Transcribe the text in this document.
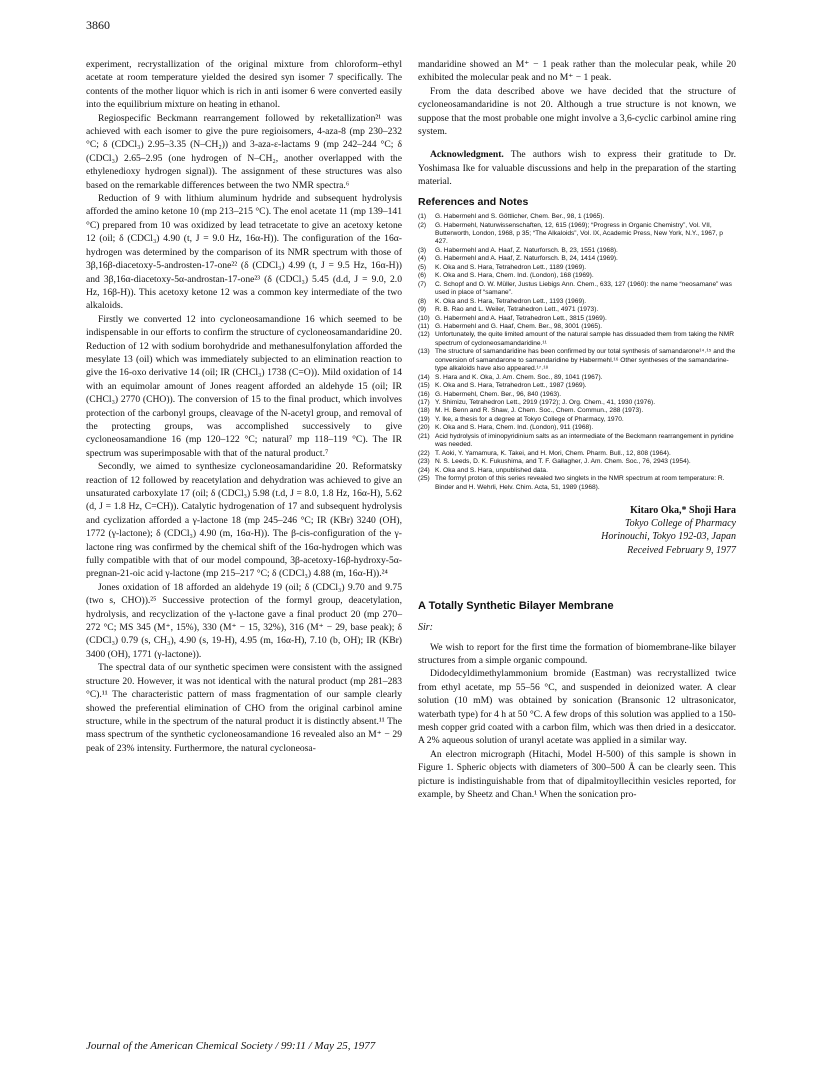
3860

experiment, recrystallization of the original mixture from chloroform–ethyl acetate at room temperature yielded the desired syn isomer 7 specifically. The contents of the mother liquor which is rich in anti isomer 6 were converted easily into the equilibrium mixture on heating in ethanol.

Regiospecific Beckmann rearrangement followed by reketallization²¹ was achieved with each isomer to give the pure regioisomers, 4-aza-8 (mp 230–232 °C; δ (CDCl₃) 2.95–3.35 (N–CH₂)) and 3-aza-ε-lactams 9 (mp 242–244 °C; δ (CDCl₃) 2.65–2.95 (one hydrogen of N–CH₂, another overlapped with the ethylenedioxy hydrogen signal)). The assignment of these structures was also based on the remarkable differences between the two NMR spectra.⁶

Reduction of 9 with lithium aluminum hydride and subsequent hydrolysis afforded the amino ketone 10 (mp 213–215 °C). The enol acetate 11 (mp 139–141 °C) prepared from 10 was oxidized by lead tetracetate to give an acetoxy ketone 12 (oil; δ (CDCl₃) 4.90 (t, J = 9.0 Hz, 16α-H)). The configuration of the 16α-hydrogen was determined by the comparison of its NMR spectrum with those of 3β,16β-diacetoxy-5-androsten-17-one²² (δ (CDCl₃) 4.99 (t, J = 9.5 Hz, 16α-H)) and 3β,16α-diacetoxy-5α-androstan-17-one²³ (δ (CDCl₃) 5.45 (d.d, J = 9.0, 2.0 Hz, 16β-H)). This acetoxy ketone 12 was a common key intermediate of the two alkaloids.

Firstly we converted 12 into cycloneosamandione 16 which seemed to be indispensable in our efforts to confirm the structure of cycloneosamandaridine 20. Reduction of 12 with sodium borohydride and methanesulfonylation afforded the mesylate 13 (oil) which was immediately subjected to an elimination reaction to give the 16-oxo derivative 14 (oil; IR (CHCl₃) 1738 (C=O)). Mild oxidation of 14 with an equimolar amount of Jones reagent afforded an aldehyde 15 (oil; IR (CHCl₃) 2770 (CHO)). The conversion of 15 to the final product, which involves protection of the carbonyl groups, cleavage of the N-acetyl group, and removal of the protecting groups, was accomplished successively to give cycloneosamandione 16 (mp 120–122 °C; natural⁷ mp 118–119 °C). The IR spectrum was superimposable with that of the natural product.⁷

Secondly, we aimed to synthesize cycloneosamandaridine 20. Reformatsky reaction of 12 followed by reacetylation and dehydration was achieved to give an unsaturated carboxylate 17 (oil; δ (CDCl₃) 5.98 (t.d, J = 8.0, 1.8 Hz, 16α-H), 5.62 (d, J = 1.8 Hz, C=CH)). Catalytic hydrogenation of 17 and subsequent hydrolysis and cyclization afforded a γ-lactone 18 (mp 245–246 °C; IR (KBr) 3240 (OH), 1772 (γ-lactone); δ (CDCl₃) 4.90 (m, 16α-H)). The β-cis-configuration of the γ-lactone ring was confirmed by the chemical shift of the 16α-hydrogen which was fully compatible with that of our model compound, 3β-acetoxy-16β-hydroxy-5α-pregnan-21-oic acid γ-lactone (mp 215–217 °C; δ (CDCl₃) 4.88 (m, 16α-H)).²⁴

Jones oxidation of 18 afforded an aldehyde 19 (oil; δ (CDCl₃) 9.70 and 9.75 (two s, CHO)).²⁵ Successive protection of the formyl group, deacetylation, hydrolysis, and recyclization of the γ-lactone gave a final product 20 (mp 270–272 °C; MS 345 (M⁺, 15%), 330 (M⁺ − 15, 32%), 316 (M⁺ − 29, base peak); δ (CDCl₃) 0.79 (s, CH₃), 4.90 (s, 19-H), 4.95 (m, 16α-H), 7.10 (b, OH); IR (KBr) 3400 (OH), 1771 (γ-lactone)).

The spectral data of our synthetic specimen were consistent with the assigned structure 20. However, it was not identical with the natural product (mp 281–283 °C).¹¹ The characteristic pattern of mass fragmentation of our sample clearly showed the preferential elimination of CHO from the original carbinol amine structure, while in the spectrum of the natural product it is distinctly absent.¹¹ The mass spectrum of the synthetic cycloneosamandione 16 revealed also an M⁺ − 29 peak of 23% intensity. Furthermore, the natural cycloneosa-

mandaridine showed an M⁺ − 1 peak rather than the molecular peak, while 20 exhibited the molecular peak and no M⁺ − 1 peak.

From the data described above we have decided that the structure of cycloneosamandaridine is not 20. Although a true structure is not known, we suppose that the most probable one might involve a 3,6-cyclic carbinol amine ring system.

Acknowledgment. The authors wish to express their gratitude to Dr. Yoshimasa Ike for valuable discussions and help in the preparation of the starting material.

References and Notes
(1) G. Habermehl and S. Göttlicher, Chem. Ber., 98, 1 (1965).
(2) G. Habermehl, Naturwissenschaften, 12, 615 (1969); “Progress in Organic Chemistry”, Vol. VII, Butterworth, London, 1968, p 35; “The Alkaloids”, Vol. IX, Academic Press, New York, N.Y., 1967, p 427.
(3) G. Habermehl and A. Haaf, Z. Naturforsch. B, 23, 1551 (1968).
(4) G. Habermehl and A. Haaf, Z. Naturforsch. B, 24, 1414 (1969).
(5) K. Oka and S. Hara, Tetrahedron Lett., 1189 (1969).
(6) K. Oka and S. Hara, Chem. Ind. (London), 168 (1969).
(7) C. Schopf and O. W. Müller, Justus Liebigs Ann. Chem., 633, 127 (1960): the name “neosamane” was used in place of “samane”.
(8) K. Oka and S. Hara, Tetrahedron Lett., 1193 (1969).
(9) R. B. Rao and L. Weiler, Tetrahedron Lett., 4971 (1973).
(10) G. Habermehl and A. Haaf, Tetrahedron Lett., 3815 (1969).
(11) G. Habermehl and G. Haaf, Chem. Ber., 98, 3001 (1965).
(12) Unfortunately, the quite limited amount of the natural sample has dissuaded them from taking the NMR spectrum of cycloneosamandaridine.¹¹
(13) The structure of samandaridine has been confirmed by our total synthesis of samandarone¹⁴˒¹⁵ and the conversion of samandarone to samandaridine by Habermehl.¹⁶ Other syntheses of the samandarine-type alkaloids have also appeared.¹⁷˒¹⁸
(14) S. Hara and K. Oka, J. Am. Chem. Soc., 89, 1041 (1967).
(15) K. Oka and S. Hara, Tetrahedron Lett., 1987 (1969).
(16) G. Habermehl, Chem. Ber., 96, 840 (1963).
(17) Y. Shimizu, Tetrahedron Lett., 2919 (1972); J. Org. Chem., 41, 1930 (1976).
(18) M. H. Benn and R. Shaw, J. Chem. Soc., Chem. Commun., 288 (1973).
(19) Y. Ike, a thesis for a degree at Tokyo College of Pharmacy, 1970.
(20) K. Oka and S. Hara, Chem. Ind. (London), 911 (1968).
(21) Acid hydrolysis of iminopyridinium salts as an intermediate of the Beckmann rearrangement in pyridine was needed.
(22) T. Aoki, Y. Yamamura, K. Takei, and H. Mori, Chem. Pharm. Bull., 12, 808 (1964).
(23) N. S. Leeds, D. K. Fukushima, and T. F. Gallagher, J. Am. Chem. Soc., 76, 2943 (1954).
(24) K. Oka and S. Hara, unpublished data.
(25) The formyl proton of this series revealed two singlets in the NMR spectrum at room temperature: R. Binder and H. Wehrli, Helv. Chim. Acta, 51, 1989 (1968).
Kitaro Oka,* Shoji Hara
Tokyo College of Pharmacy
Horinouchi, Tokyo 192-03, Japan
Received February 9, 1977
A Totally Synthetic Bilayer Membrane
Sir:

We wish to report for the first time the formation of biomembrane-like bilayer structures from a simple organic compound.

Didodecyldimethylammonium bromide (Eastman) was recrystallized twice from ethyl acetate, mp 55–56 °C, and suspended in deionized water. A clear solution (10 mM) was obtained by sonication (Bransonic 12 ultrasonicator, waterbath type) for 4 h at 50 °C. A few drops of this solution was applied to a 150-mesh copper grid coated with a carbon film, which was then dried in a desiccator. A 2% aqueous solution of uranyl acetate was applied in a similar way.

An electron micrograph (Hitachi, Model H-500) of this sample is shown in Figure 1. Spheric objects with diameters of 300–500 Å can be clearly seen. This picture is indistinguishable from that of dipalmitoyllecithin vesicles reported, for example, by Sheetz and Chan.¹ When the sonication pro-

Journal of the American Chemical Society / 99:11 / May 25, 1977
